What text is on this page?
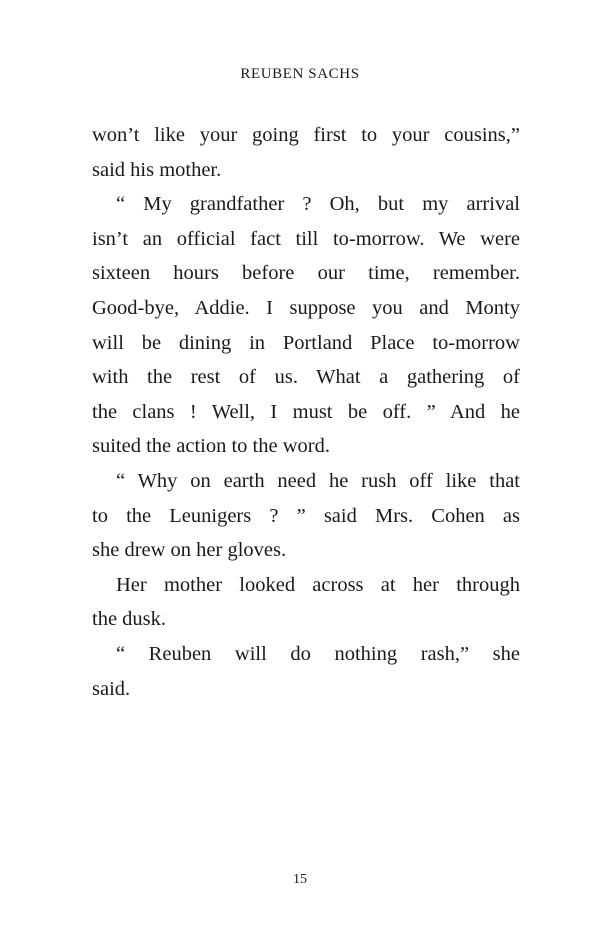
REUBEN SACHS
won’t like your going first to your cousins,”
said his mother.
“ My grandfather ? Oh, but my arrival
isn’t an official fact till to-morrow. We were
sixteen hours before our time, remember.
Good-bye, Addie. I suppose you and Monty
will be dining in Portland Place to-morrow
with the rest of us. What a gathering of
the clans ! Well, I must be off. ” And he
suited the action to the word.
“ Why on earth need he rush off like that
to the Leunigers ? ” said Mrs. Cohen as
she drew on her gloves.
Her mother looked across at her through
the dusk.
“ Reuben will do nothing rash,” she
said.
15
